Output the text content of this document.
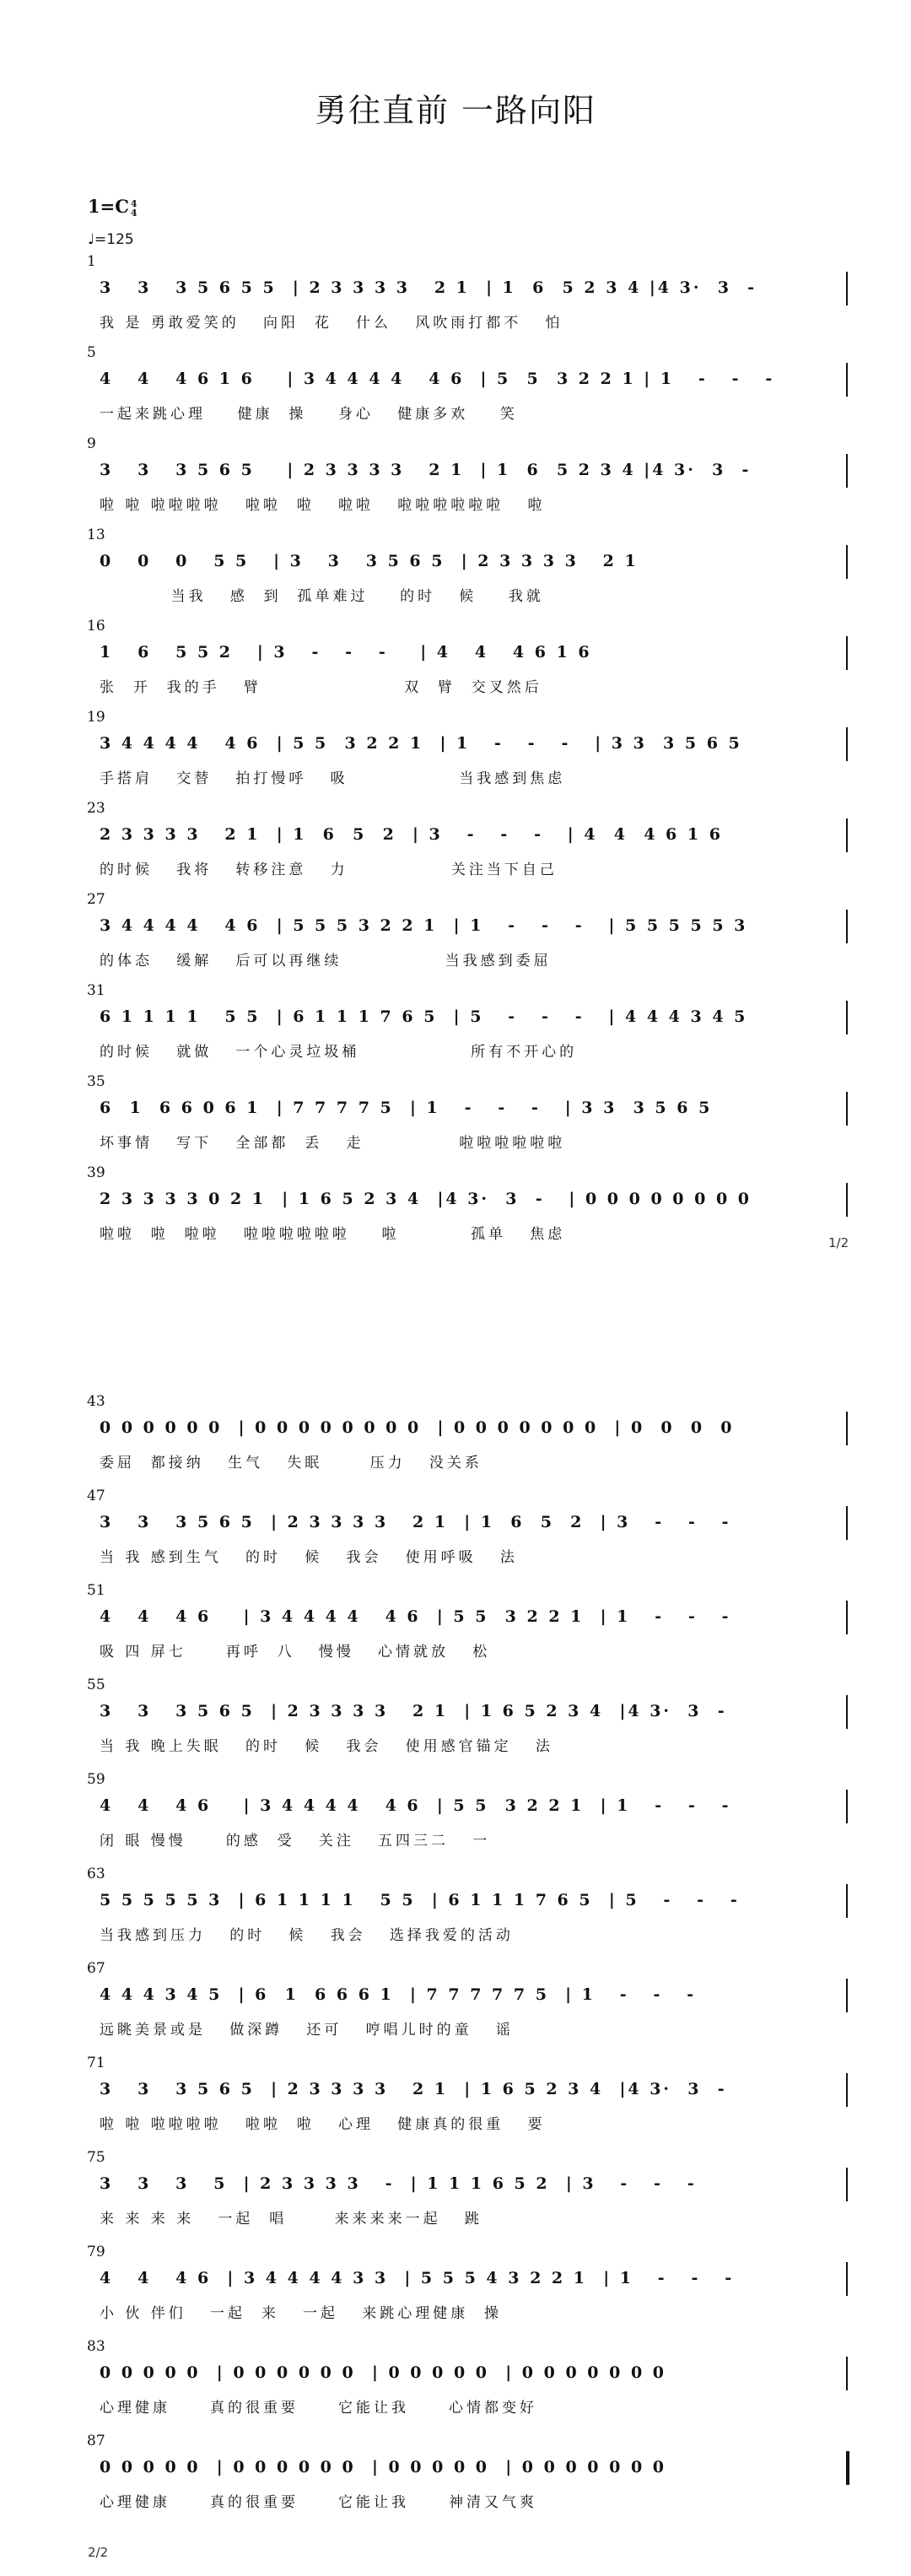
勇往直前 一路向阳
1=C 4
4
♩=125
1
3   3   3 5 6 5 5  | 2 3 3 3 3   2 1  | 1  6  5 2 3 4 |4 3·  3  -
我 是 勇敢爱笑的   向阳  花   什么   风吹雨打都不   怕
5
4   4   4 6 1 6    | 3 4 4 4 4   4 6  | 5  5  3 2 2 1 | 1   -   -   -
一起来跳心理    健康  操    身心   健康多欢    笑
9
3   3   3 5 6 5    | 2 3 3 3 3   2 1  | 1  6  5 2 3 4 |4 3·  3  -
啦 啦 啦啦啦啦   啦啦  啦   啦啦   啦啦啦啦啦啦   啦
13
0   0   0   5 5   | 3   3   3 5 6 5  | 2 3 3 3 3   2 1
当我   感  到  孤单难过    的时   候    我就
16
1   6   5 5 2   | 3   -   -   -    | 4   4   4 6 1 6
张  开  我的手   臂                  双  臂  交叉然后
19
3 4 4 4 4   4 6  | 5 5  3 2 2 1  | 1   -   -   -   | 3 3  3 5 6 5
手搭肩   交替   拍打慢呼   吸              当我感到焦虑
23
2 3 3 3 3   2 1  | 1  6  5  2  | 3   -   -   -   | 4  4  4 6 1 6
的时候   我将   转移注意   力             关注当下自己
27
3 4 4 4 4   4 6  | 5 5 5 3 2 2 1  | 1   -   -   -   | 5 5 5 5 5 3
的体态   缓解   后可以再继续             当我感到委屈
31
6 1 1 1 1   5 5  | 6 1 1 1 7 6 5  | 5   -   -   -   | 4 4 4 3 4 5
的时候   就做   一个心灵垃圾桶              所有不开心的
35
6  1  6 6 0 6 1  | 7 7 7 7 5  | 1   -   -   -   | 3 3  3 5 6 5
坏事情   写下   全部都  丢   走            啦啦啦啦啦啦
39
2 3 3 3 3 0 2 1  | 1 6 5 2 3 4  |4 3·  3  -   | 0 0 0 0 0 0 0 0
啦啦  啦  啦啦   啦啦啦啦啦啦    啦         孤单   焦虑	1/2
43
0 0 0 0 0 0  | 0 0 0 0 0 0 0 0  | 0 0 0 0 0 0 0  | 0  0  0  0
委屈  都接纳   生气   失眠      压力   没关系
47
3   3   3 5 6 5  | 2 3 3 3 3   2 1  | 1  6  5  2  | 3   -   -   -
当 我 感到生气   的时   候   我会   使用呼吸   法
51
4   4   4 6    | 3 4 4 4 4   4 6  | 5 5  3 2 2 1  | 1   -   -   -
吸 四 屏七     再呼  八   慢慢   心情就放   松
55
3   3   3 5 6 5  | 2 3 3 3 3   2 1  | 1 6 5 2 3 4  |4 3·  3  -
当 我 晚上失眠   的时   候   我会   使用感官锚定   法
59
4   4   4 6    | 3 4 4 4 4   4 6  | 5 5  3 2 2 1  | 1   -   -   -
闭 眼 慢慢     的感  受   关注   五四三二   一
63
5 5 5 5 5 3  | 6 1 1 1 1   5 5  | 6 1 1 1 7 6 5  | 5   -   -   -
当我感到压力   的时   候   我会   选择我爱的活动
67
4 4 4 3 4 5  | 6  1  6 6 6 1  | 7 7 7 7 7 5  | 1   -   -   -
远眺美景或是   做深蹲   还可   哼唱儿时的童   谣
71
3   3   3 5 6 5  | 2 3 3 3 3   2 1  | 1 6 5 2 3 4  |4 3·  3  -
啦 啦 啦啦啦啦   啦啦  啦   心理   健康真的很重   要
75
3   3   3   5  | 2 3 3 3 3   -  | 1 1 1 6 5 2  | 3   -   -   -
来 来 来 来   一起  唱      来来来来一起   跳
79
4   4   4 6  | 3 4 4 4 4 3 3  | 5 5 5 4 3 2 2 1  | 1   -   -   -
小 伙 伴们   一起  来   一起   来跳心理健康  操
83
0 0 0 0 0  | 0 0 0 0 0 0  | 0 0 0 0 0  | 0 0 0 0 0 0 0
心理健康     真的很重要     它能让我     心情都变好
87
0 0 0 0 0  | 0 0 0 0 0 0  | 0 0 0 0 0  | 0 0 0 0 0 0 0
心理健康     真的很重要     它能让我     神清又气爽
2/2
